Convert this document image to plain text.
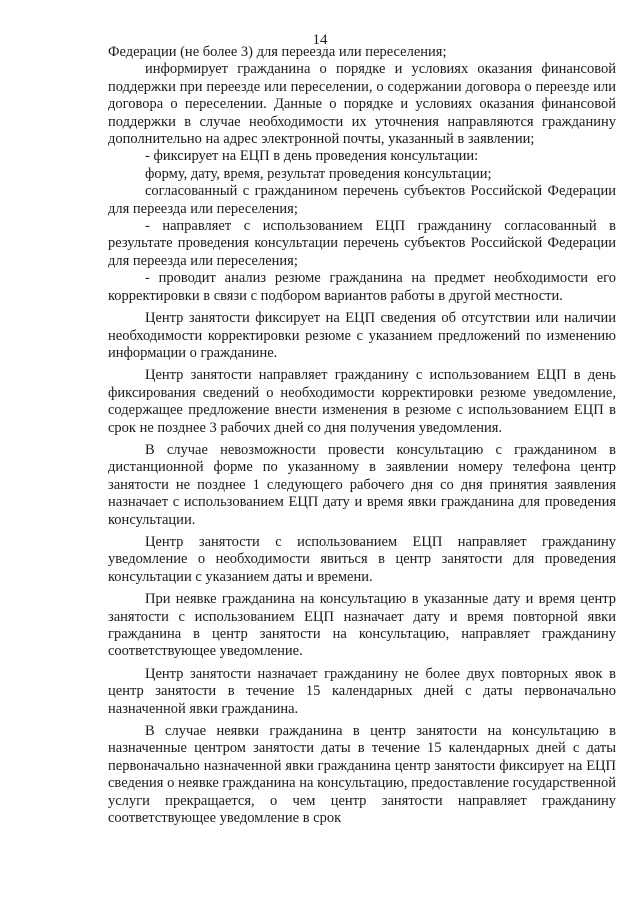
14

Федерации (не более 3) для переезда или переселения;

информирует гражданина о порядке и условиях оказания финансовой поддержки при переезде или переселении, о содержании договора о переезде или договора о переселении. Данные о порядке и условиях оказания финансовой поддержки в случае необходимости их уточнения направляются гражданину дополнительно на адрес электронной почты, указанный в заявлении;

- фиксирует на ЕЦП в день проведения консультации:

форму, дату, время, результат проведения консультации;

согласованный с гражданином перечень субъектов Российской Федерации для переезда или переселения;

- направляет с использованием ЕЦП гражданину согласованный в результате проведения консультации перечень субъектов Российской Федерации для переезда или переселения;

- проводит анализ резюме гражданина на предмет необходимости его корректировки в связи с подбором вариантов работы в другой местности.

Центр занятости фиксирует на ЕЦП сведения об отсутствии или наличии необходимости корректировки резюме с указанием предложений по изменению информации о гражданине.

Центр занятости направляет гражданину с использованием ЕЦП в день фиксирования сведений о необходимости корректировки резюме уведомление, содержащее предложение внести изменения в резюме с использованием ЕЦП в срок не позднее 3 рабочих дней со дня получения уведомления.

В случае невозможности провести консультацию с гражданином в дистанционной форме по указанному в заявлении номеру телефона центр занятости не позднее 1 следующего рабочего дня со дня принятия заявления назначает с использованием ЕЦП дату и время явки гражданина для проведения консультации.

Центр занятости с использованием ЕЦП направляет гражданину уведомление о необходимости явиться в центр занятости для проведения консультации с указанием даты и времени.

При неявке гражданина на консультацию в указанные дату и время центр занятости с использованием ЕЦП назначает дату и время повторной явки гражданина в центр занятости на консультацию, направляет гражданину соответствующее уведомление.

Центр занятости назначает гражданину не более двух повторных явок в центр занятости в течение 15 календарных дней с даты первоначально назначенной явки гражданина.

В случае неявки гражданина в центр занятости на консультацию в назначенные центром занятости даты в течение 15 календарных дней с даты первоначально назначенной явки гражданина центр занятости фиксирует на ЕЦП сведения о неявке гражданина на консультацию, предоставление государственной услуги прекращается, о чем центр занятости направляет гражданину соответствующее уведомление в срок
